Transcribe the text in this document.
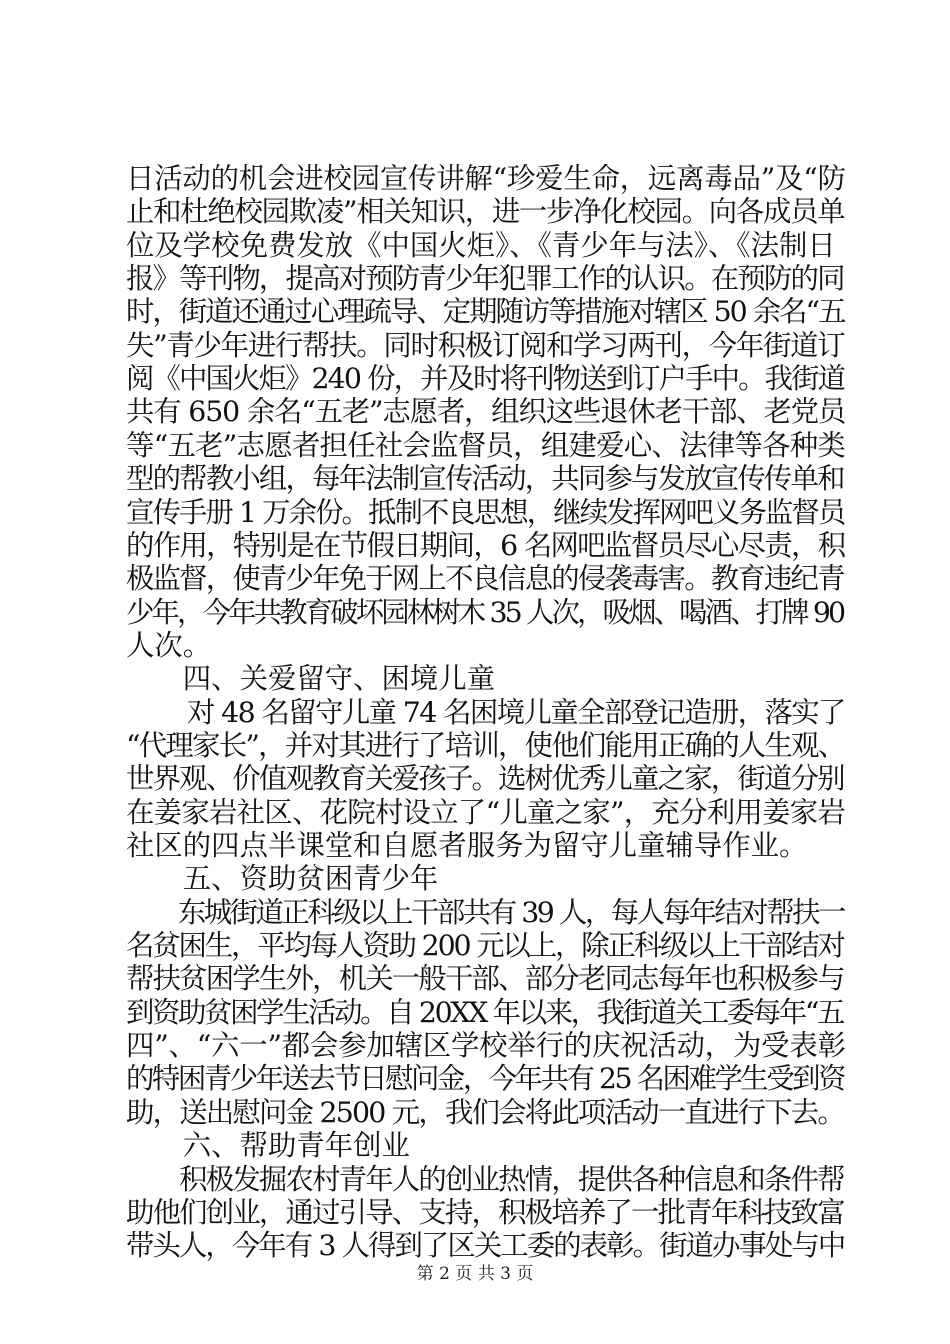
日活动的机会进校园宣传讲解“珍爱生命，远离毒品”及“防
止和杜绝校园欺凌”相关知识，进一步净化校园。向各成员单
位及学校免费发放《中国火炬》、《青少年与法》、《法制日
报》等刊物，提高对预防青少年犯罪工作的认识。在预防的同
时，街道还通过心理疏导、定期随访等措施对辖区 50 余名“五
失”青少年进行帮扶。同时积极订阅和学习两刊，今年街道订
阅《中国火炬》240 份，并及时将刊物送到订户手中。我街道
共有 650 余名“五老”志愿者，组织这些退休老干部、老党员
等“五老”志愿者担任社会监督员，组建爱心、法律等各种类
型的帮教小组，每年法制宣传活动，共同参与发放宣传传单和
宣传手册 1 万余份。抵制不良思想，继续发挥网吧义务监督员
的作用，特别是在节假日期间，6 名网吧监督员尽心尽责，积
极监督，使青少年免于网上不良信息的侵袭毒害。教育违纪青
少年，今年共教育破坏园林树木 35 人次，吸烟、喝酒、打牌 90
人次。
　　四、关爱留守、困境儿童
　　 对 48 名留守儿童 74 名困境儿童全部登记造册，落实了
“代理家长”，并对其进行了培训，使他们能用正确的人生观、
世界观、价值观教育关爱孩子。选树优秀儿童之家，街道分别
在姜家岩社区、花院村设立了“儿童之家”，充分利用姜家岩
社区的四点半课堂和自愿者服务为留守儿童辅导作业。
　　五、资助贫困青少年
　　东城街道正科级以上干部共有 39 人，每人每年结对帮扶一
名贫困生，平均每人资助 200 元以上，除正科级以上干部结对
帮扶贫困学生外，机关一般干部、部分老同志每年也积极参与
到资助贫困学生活动。自 20XX 年以来，我街道关工委每年“五
四”、“六一”都会参加辖区学校举行的庆祝活动，为受表彰
的特困青少年送去节日慰问金，今年共有 25 名困难学生受到资
助，送出慰问金 2500 元，我们会将此项活动一直进行下去。
　　六、帮助青年创业
　　积极发掘农村青年人的创业热情，提供各种信息和条件帮
助他们创业，通过引导、支持，积极培养了一批青年科技致富
带头人，今年有 3 人得到了区关工委的表彰。街道办事处与中
第 2 页 共 3 页
